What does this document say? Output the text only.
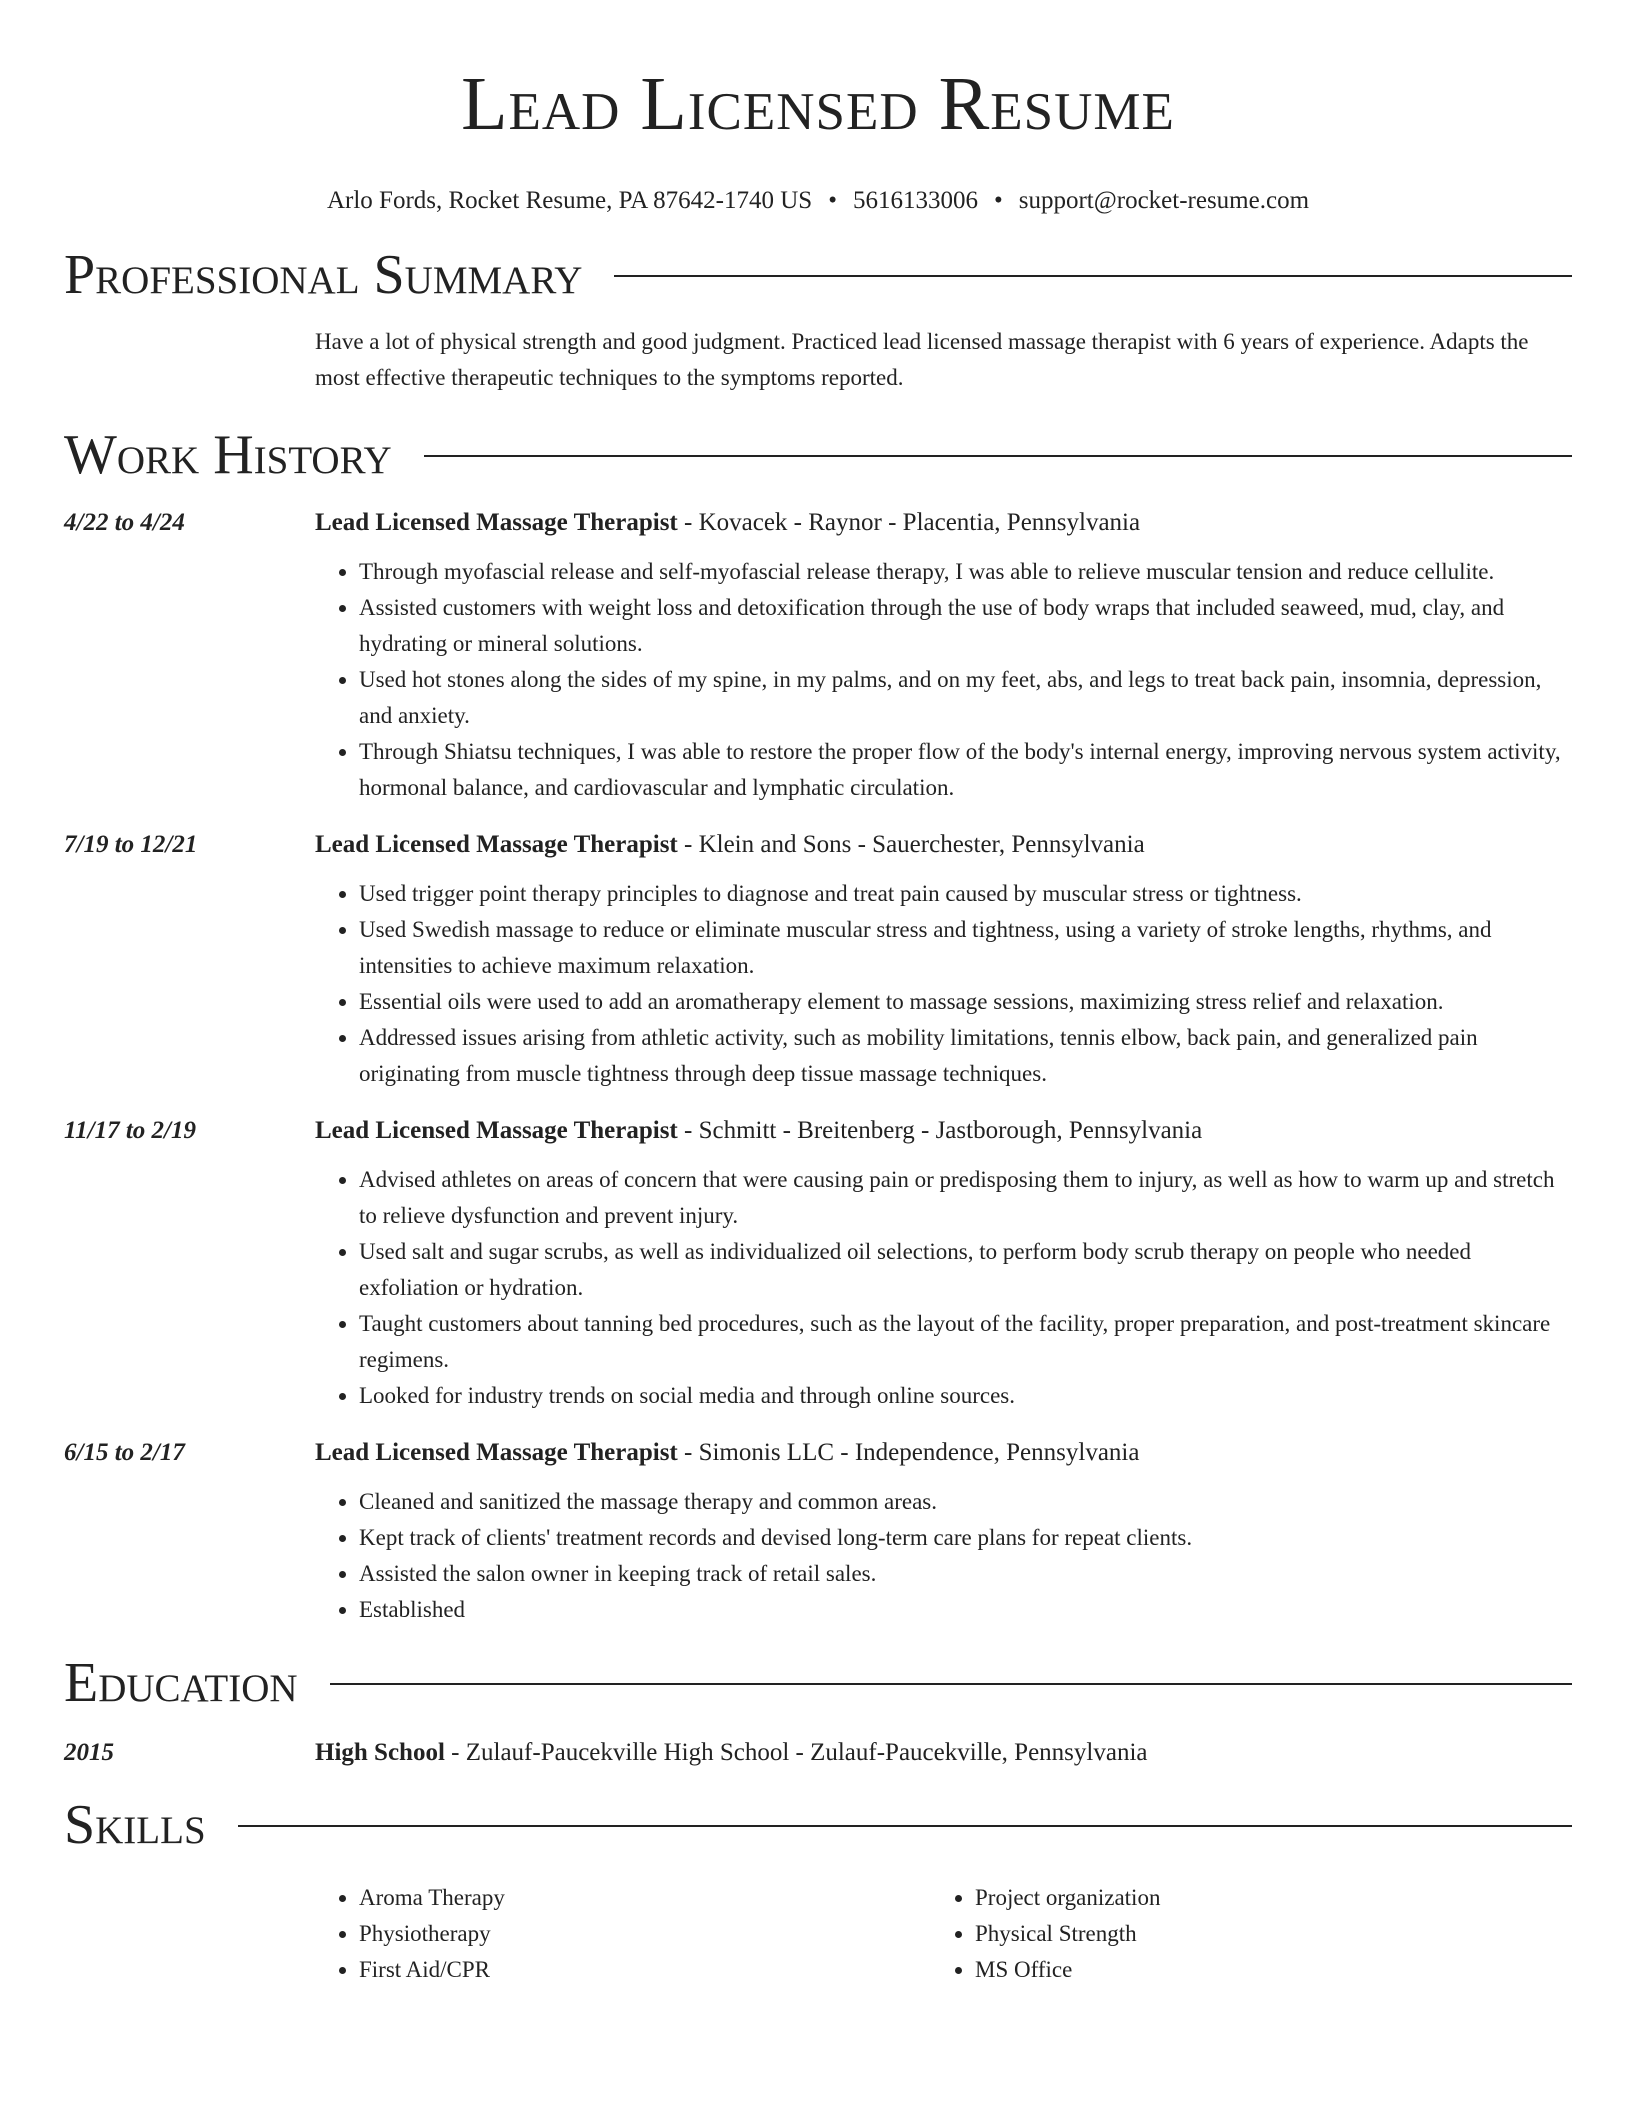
Lead Licensed Resume
Arlo Fords, Rocket Resume, PA 87642-1740 US • 5616133006 • support@rocket-resume.com
Professional Summary
Have a lot of physical strength and good judgment. Practiced lead licensed massage therapist with 6 years of experience. Adapts the most effective therapeutic techniques to the symptoms reported.
Work History
4/22 to 4/24	Lead Licensed Massage Therapist - Kovacek - Raynor - Placentia, Pennsylvania
• Through myofascial release and self-myofascial release therapy, I was able to relieve muscular tension and reduce cellulite.
• Assisted customers with weight loss and detoxification through the use of body wraps that included seaweed, mud, clay, and hydrating or mineral solutions.
• Used hot stones along the sides of my spine, in my palms, and on my feet, abs, and legs to treat back pain, insomnia, depression, and anxiety.
• Through Shiatsu techniques, I was able to restore the proper flow of the body's internal energy, improving nervous system activity, hormonal balance, and cardiovascular and lymphatic circulation.
7/19 to 12/21	Lead Licensed Massage Therapist - Klein and Sons - Sauerchester, Pennsylvania
• Used trigger point therapy principles to diagnose and treat pain caused by muscular stress or tightness.
• Used Swedish massage to reduce or eliminate muscular stress and tightness, using a variety of stroke lengths, rhythms, and intensities to achieve maximum relaxation.
• Essential oils were used to add an aromatherapy element to massage sessions, maximizing stress relief and relaxation.
• Addressed issues arising from athletic activity, such as mobility limitations, tennis elbow, back pain, and generalized pain originating from muscle tightness through deep tissue massage techniques.
11/17 to 2/19	Lead Licensed Massage Therapist - Schmitt - Breitenberg - Jastborough, Pennsylvania
• Advised athletes on areas of concern that were causing pain or predisposing them to injury, as well as how to warm up and stretch to relieve dysfunction and prevent injury.
• Used salt and sugar scrubs, as well as individualized oil selections, to perform body scrub therapy on people who needed exfoliation or hydration.
• Taught customers about tanning bed procedures, such as the layout of the facility, proper preparation, and post-treatment skincare regimens.
• Looked for industry trends on social media and through online sources.
6/15 to 2/17	Lead Licensed Massage Therapist - Simonis LLC - Independence, Pennsylvania
• Cleaned and sanitized the massage therapy and common areas.
• Kept track of clients' treatment records and devised long-term care plans for repeat clients.
• Assisted the salon owner in keeping track of retail sales.
• Established
Education
2015	High School - Zulauf-Paucekville High School - Zulauf-Paucekville, Pennsylvania
Skills
• Aroma Therapy
• Physiotherapy
• First Aid/CPR
• Project organization
• Physical Strength
• MS Office
